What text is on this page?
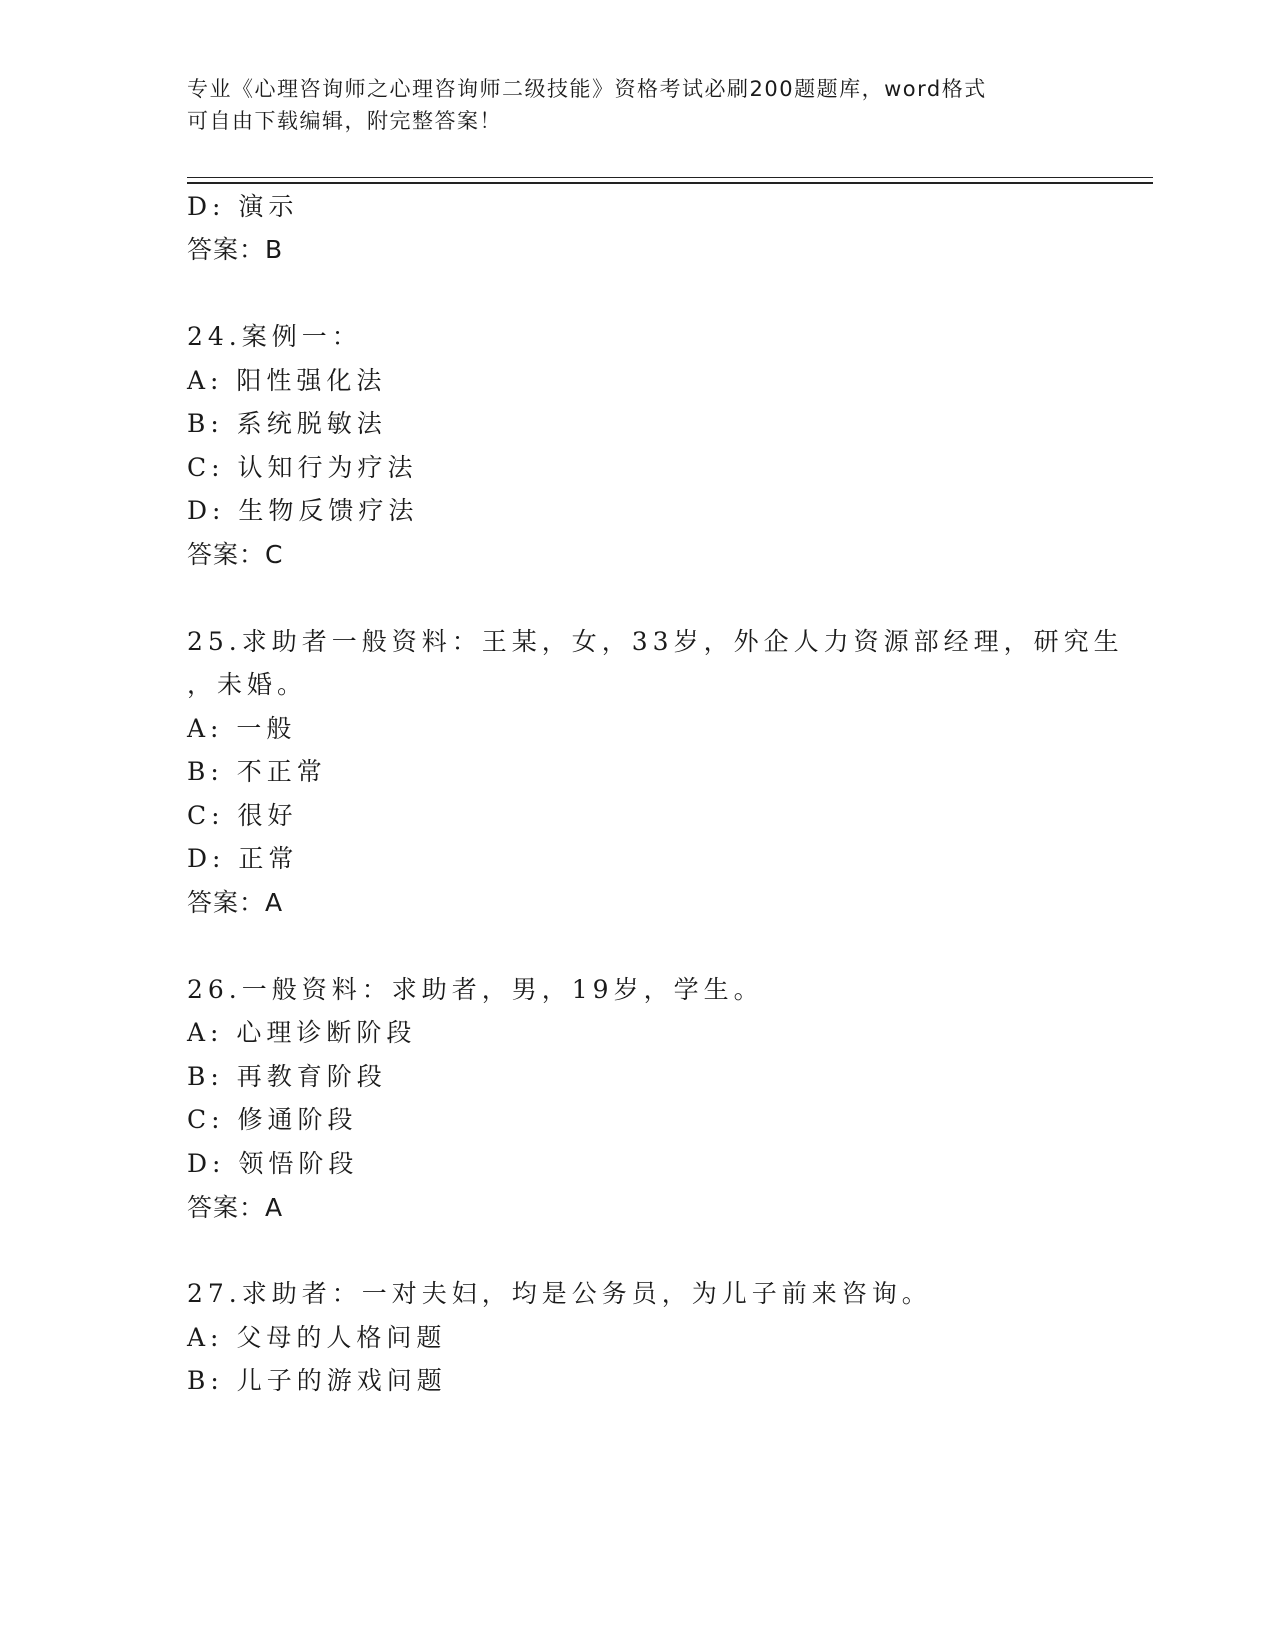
专业《心理咨询师之心理咨询师二级技能》资格考试必刷200题题库，word格式
可自由下载编辑，附完整答案！
D: 演示
答案：B
24.案例一：
A: 阳性强化法
B: 系统脱敏法
C: 认知行为疗法
D: 生物反馈疗法
答案：C
25.求助者一般资料：王某，女，33岁，外企人力资源部经理，研究生
，未婚。
A: 一般
B: 不正常
C: 很好
D: 正常
答案：A
26.一般资料：求助者，男，19岁，学生。
A: 心理诊断阶段
B: 再教育阶段
C: 修通阶段
D: 领悟阶段
答案：A
27.求助者：一对夫妇，均是公务员，为儿子前来咨询。
A: 父母的人格问题
B: 儿子的游戏问题
